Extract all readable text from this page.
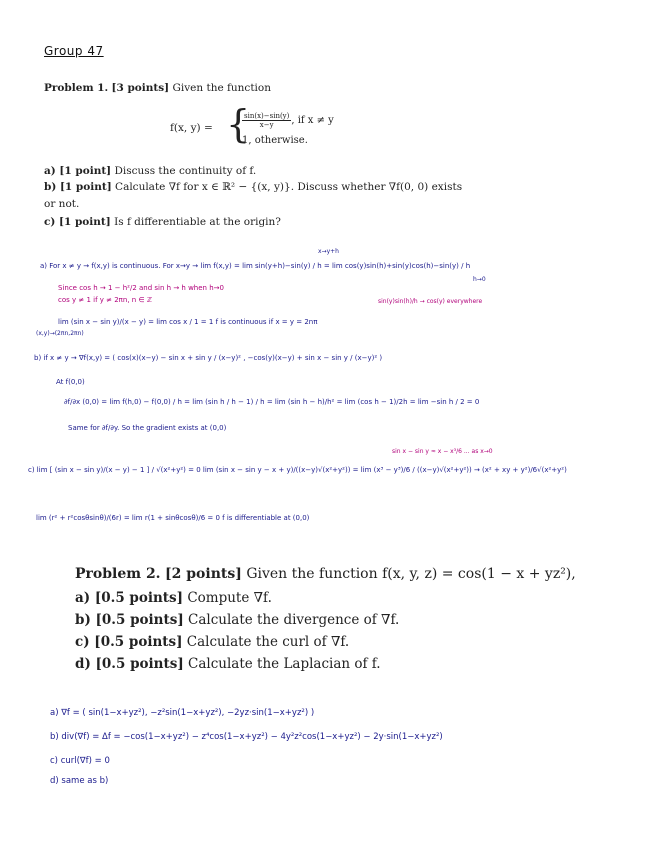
Group 47
Problem 1. [3 points] Given the function
f(x, y) = {
$\frac{\sin(x)-\sin(y)}{x-y}$ , if x ≠ y
1, otherwise.
a) [1 point] Discuss the continuity of f.
b) [1 point] Calculate ∇f for x ∈ ℝ² − {(x, y)}. Discuss whether ∇f(0, 0) exists
or not.
c) [1 point] Is f differentiable at the origin?
x→y+h
a) For x ≠ y → f(x,y) is continuous. For x→y → lim f(x,y) = lim sin(y+h)−sin(y) / h = lim cos(y)sin(h)+sin(y)cos(h)−sin(y) / h
h→0
Since cos h → 1 − h²/2 and sin h → h when h→0
cos y ≠ 1 if y ≠ 2πn, n ∈ ℤ	sin(y)sin(h)/h → cos(y) everywhere
lim (sin x − sin y)/(x − y) = lim cos x / 1 = 1 f is continuous if x = y = 2nπ
(x,y)→(2πn,2πn)
b) if x ≠ y → ∇f(x,y) = ( cos(x)(x−y) − sin x + sin y / (x−y)² , −cos(y)(x−y) + sin x − sin y / (x−y)² )
At f(0,0)
∂f/∂x (0,0) = lim f(h,0) − f(0,0) / h = lim (sin h / h − 1) / h = lim (sin h − h)/h² = lim (cos h − 1)/2h = lim −sin h / 2 = 0
Same for ∂f/∂y. So the gradient exists at (0,0)
sin x − sin y ≈ x − x³/6 ... as x→0
c) lim [ (sin x − sin y)/(x − y) − 1 ] / √(x²+y²) = 0 lim (sin x − sin y − x + y)/((x−y)√(x²+y²)) = lim (x³ − y³)/6 / ((x−y)√(x²+y²)) → (x² + xy + y²)/6√(x²+y²)
lim (r² + r²cosθsinθ)/(6r) = lim r(1 + sinθcosθ)/6 = 0 f is differentiable at (0,0)
Problem 2. [2 points] Given the function f(x, y, z) = cos(1 − x + yz²),
a) [0.5 points] Compute ∇f.
b) [0.5 points] Calculate the divergence of ∇f.
c) [0.5 points] Calculate the curl of ∇f.
d) [0.5 points] Calculate the Laplacian of f.
a) ∇f = ( sin(1−x+yz²), −z²sin(1−x+yz²), −2yz·sin(1−x+yz²) )
b) div(∇f) = Δf = −cos(1−x+yz²) − z⁴cos(1−x+yz²) − 4y²z²cos(1−x+yz²) − 2y·sin(1−x+yz²)
c) curl(∇f) = 0
d) same as b)
